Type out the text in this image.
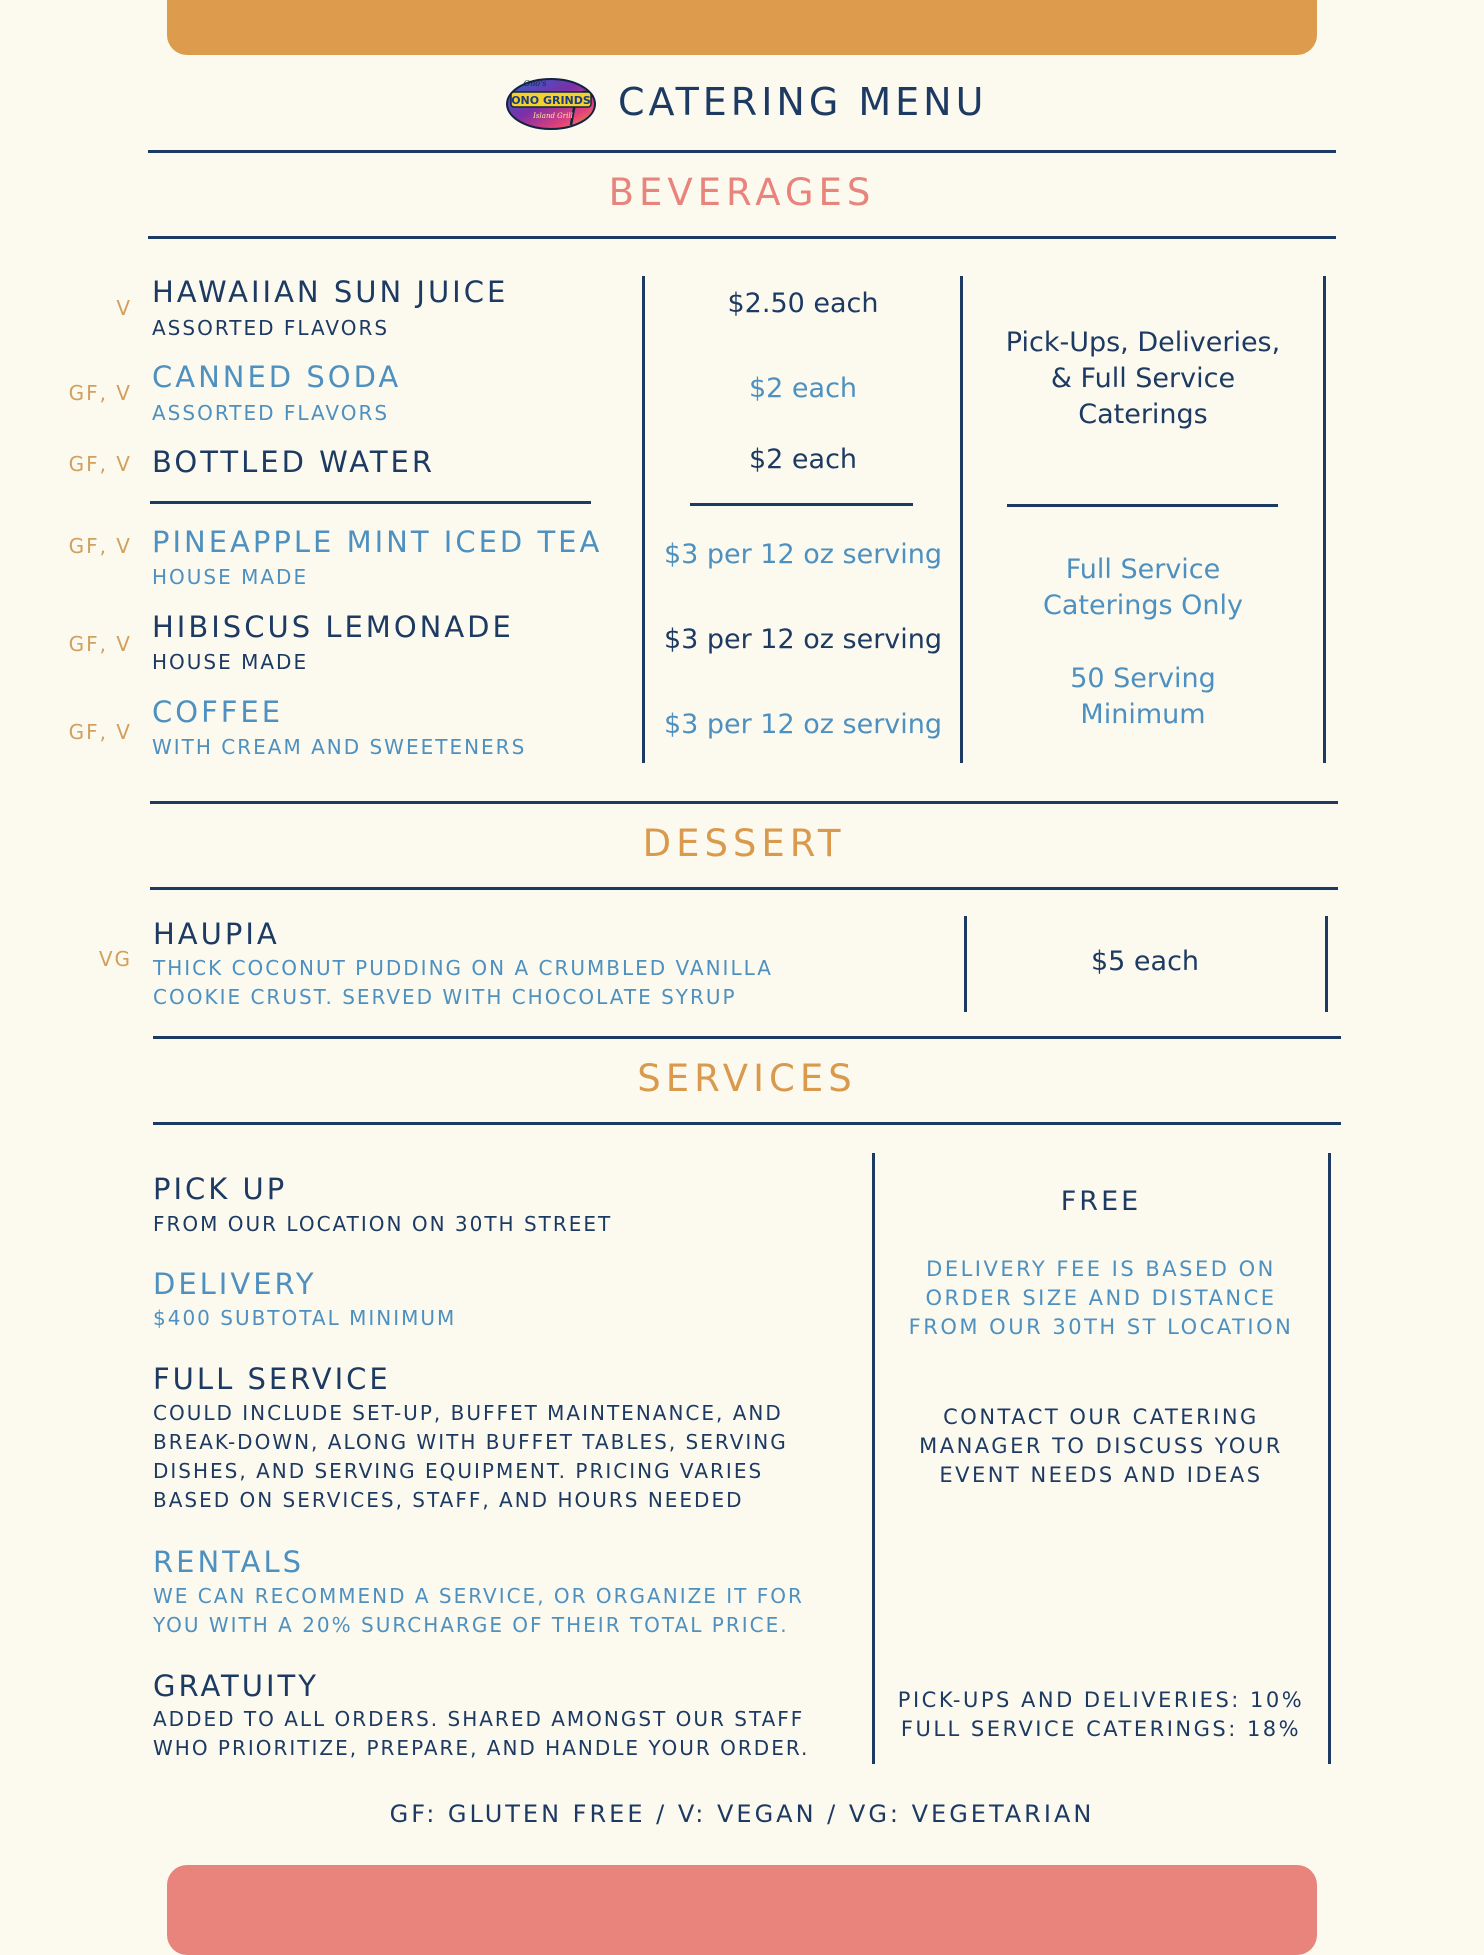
ONO GRINDS
Ono's
Island Grill CATERING MENU
BEVERAGES
V HAWAIIAN SUN JUICE
ASSORTED FLAVORS
$2.50 each
GF, V CANNED SODA
ASSORTED FLAVORS
$2 each
GF, V BOTTLED WATER	$2 each
GF, V PINEAPPLE MINT ICED TEA
HOUSE MADE
$3 per 12 oz serving
GF, V HIBISCUS LEMONADE
HOUSE MADE
$3 per 12 oz serving
GF, V
COFFEE
WITH CREAM AND SWEETENERS
$3 per 12 oz serving
Pick-Ups, Deliveries,
& Full Service
Caterings
Full Service
Caterings Only
50 Serving
Minimum
DESSERT
VG
HAUPIA
THICK COCONUT PUDDING ON A CRUMBLED VANILLA
COOKIE CRUST. SERVED WITH CHOCOLATE SYRUP
$5 each
SERVICES
PICK UP
FROM OUR LOCATION ON 30TH STREET
DELIVERY
$400 SUBTOTAL MINIMUM
FULL SERVICE
COULD INCLUDE SET-UP, BUFFET MAINTENANCE, AND
BREAK-DOWN, ALONG WITH BUFFET TABLES, SERVING
DISHES, AND SERVING EQUIPMENT. PRICING VARIES
BASED ON SERVICES, STAFF, AND HOURS NEEDED
RENTALS
WE CAN RECOMMEND A SERVICE, OR ORGANIZE IT FOR
YOU WITH A 20% SURCHARGE OF THEIR TOTAL PRICE.
GRATUITY
ADDED TO ALL ORDERS. SHARED AMONGST OUR STAFF
WHO PRIORITIZE, PREPARE, AND HANDLE YOUR ORDER.
FREE
DELIVERY FEE IS BASED ON
ORDER SIZE AND DISTANCE
FROM OUR 30TH ST LOCATION
CONTACT OUR CATERING
MANAGER TO DISCUSS YOUR
EVENT NEEDS AND IDEAS
PICK-UPS AND DELIVERIES: 10%
FULL SERVICE CATERINGS: 18%
GF: GLUTEN FREE / V: VEGAN / VG: VEGETARIAN
